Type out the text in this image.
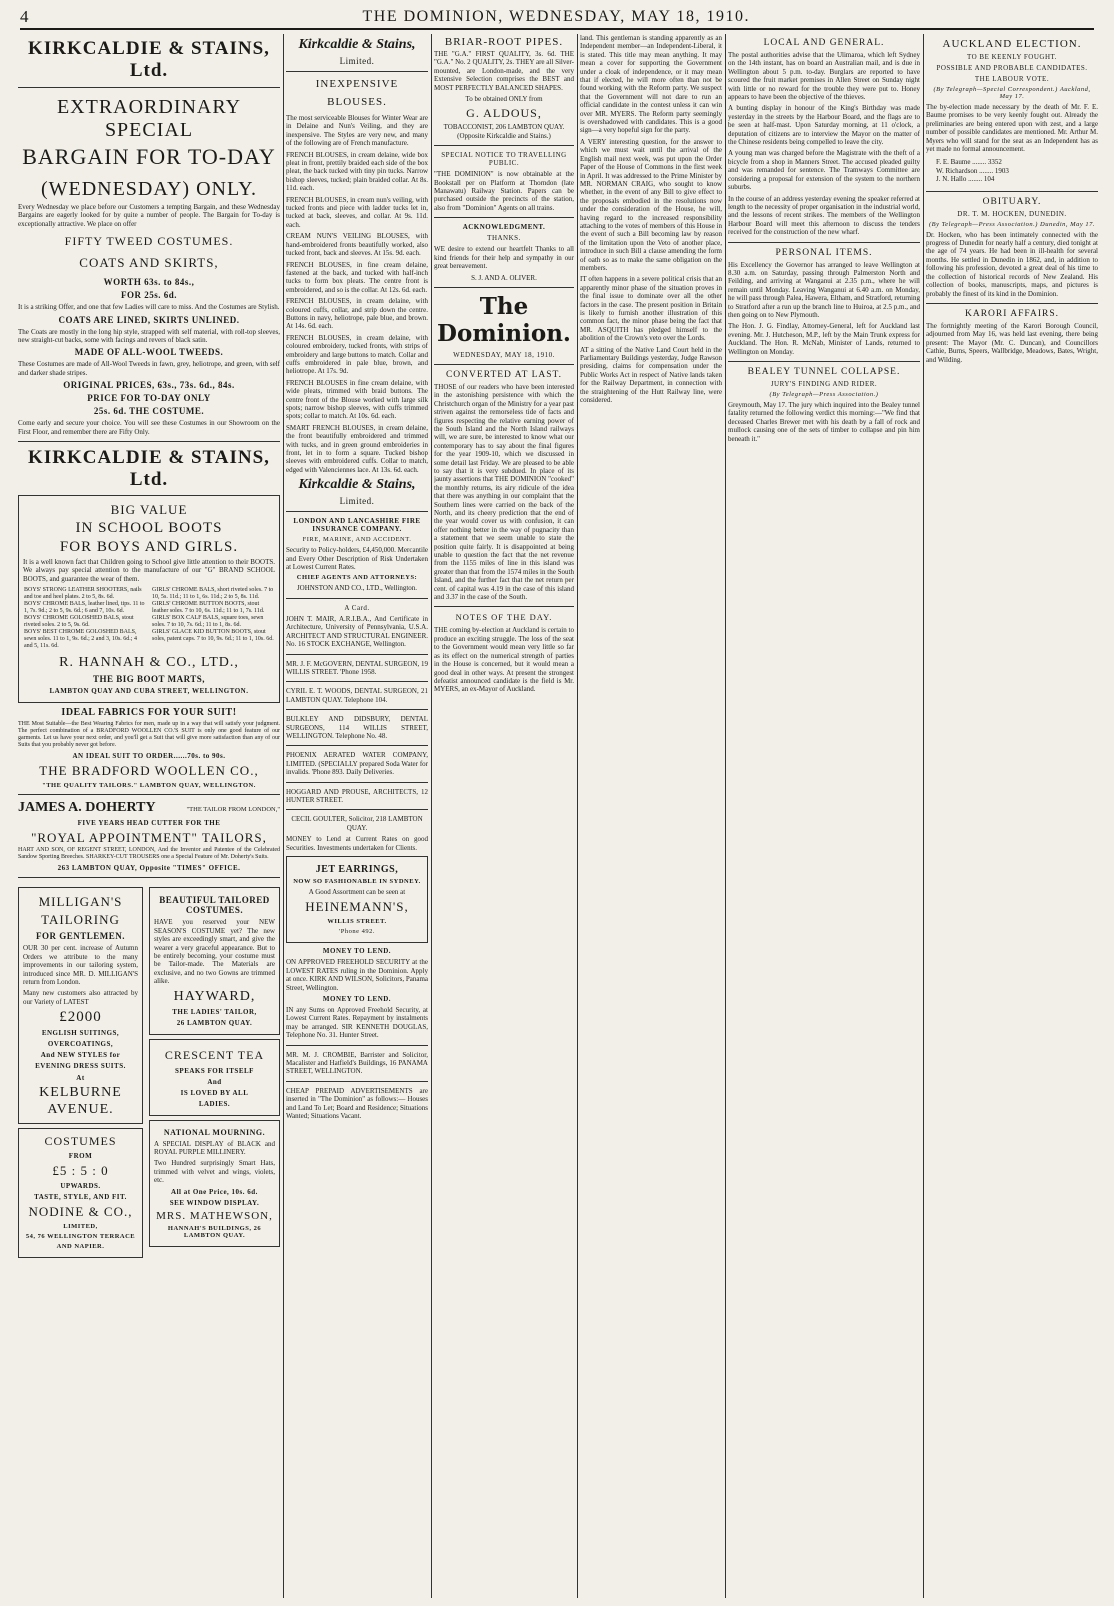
4	THE DOMINION, WEDNESDAY, MAY 18, 1910.
KIRKCALDIE & STAINS, Ltd.
EXTRAORDINARY SPECIAL
BARGAIN FOR TO-DAY
(WEDNESDAY) ONLY.

Every Wednesday we place before our Customers a tempting Bargain, and these Wednesday Bargains are eagerly looked for by quite a number of people. The Bargain for To-day is exceptionally attractive. We place on offer

FIFTY TWEED COSTUMES.
COATS AND SKIRTS,
WORTH 63s. to 84s.,
FOR 25s. 6d.

It is a striking Offer, and one that few Ladies will care to miss. And the Costumes are Stylish.

COATS ARE LINED, SKIRTS UNLINED.

The Coats are mostly in the long hip style, strapped with self material, with roll-top sleeves, new straight-cut backs, some with facings and revers of black satin.

MADE OF ALL-WOOL TWEEDS.

These Costumes are made of All-Wool Tweeds in fawn, grey, heliotrope, and green, with self and darker shade stripes.

ORIGINAL PRICES, 63s., 73s. 6d., 84s.
PRICE FOR TO-DAY ONLY
25s. 6d. THE COSTUME.

Come early and secure your choice. You will see these Costumes in our Showroom on the First Floor, and remember there are Fifty Only.

KIRKCALDIE & STAINS, Ltd.
BIG VALUE
IN SCHOOL BOOTS
FOR BOYS AND GIRLS.

It is a well known fact that Children going to School give little attention to their BOOTS. We always pay special attention to the manufacture of our "G" BRAND SCHOOL BOOTS, and guarantee the wear of them.

BOYS' STRONG LEATHER SHOOTERS, nails and toe and heel plates. 2 to 5, 8s. 6d.
BOYS' CHROME BALS, leather lined, tips. 11 to 1, 7s. 9d.; 2 to 5, 9s. 6d.; 6 and 7, 10s. 6d.
BOYS' CHROME GOLOSHED BALS, stout riveted soles. 2 to 5, 9s. 6d.
BOYS' BEST CHROME GOLOSHED BALS, sewn soles. 11 to 1, 9s. 6d.; 2 and 3, 10s. 6d.; 4 and 5, 11s. 6d.

GIRLS' CHROME BALS, short riveted soles. 7 to 10, 5s. 11d.; 11 to 1, 6s. 11d.; 2 to 5, 8s. 11d.
GIRLS' CHROME BUTTON BOOTS, stout leather soles. 7 to 10, 6s. 11d.; 11 to 1, 7s. 11d.
GIRLS' BOX CALF BALS, square toes, sewn soles. 7 to 10, 7s. 6d.; 11 to 1, 8s. 6d.
GIRLS' GLACE KID BUTTON BOOTS, stout soles, patent caps. 7 to 10, 9s. 6d.; 11 to 1, 10s. 6d.
R. HANNAH & CO., LTD.,
THE BIG BOOT MARTS,
LAMBTON QUAY AND CUBA STREET, WELLINGTON.
IDEAL FABRICS FOR YOUR SUIT!

THE Most Suitable—the Best Wearing Fabrics for men, made up in a way that will satisfy your judgment. The perfect combination of a BRADFORD WOOLLEN CO.'S SUIT is only one good feature of our garments. Let us have your next order, and you'll get a Suit that will give more satisfaction than any of our Suits that you probably never got before.

AN IDEAL SUIT TO ORDER......70s. to 90s.
THE BRADFORD WOOLLEN CO.,
"THE QUALITY TAILORS." LAMBTON QUAY, WELLINGTON.
JAMES A. DOHERTY	"THE TAILOR FROM LONDON,"
FIVE YEARS HEAD CUTTER FOR THE
"ROYAL APPOINTMENT" TAILORS,

HART AND SON, OF REGENT STREET, LONDON, And the Inventor and Patentee of the Celebrated Sandow Sporting Breeches. SHARKEY-CUT TROUSERS one a Special Feature of Mr. Doherty's Suits.

263 LAMBTON QUAY, Opposite "TIMES" OFFICE.
MILLIGAN'S
TAILORING
FOR GENTLEMEN.

OUR 30 per cent. increase of Autumn Orders we attribute to the many improvements in our tailoring system, introduced since MR. D. MILLIGAN'S return from London.

Many new customers also attracted by our Variety of LATEST

£2000
ENGLISH SUITINGS,
OVERCOATINGS,
And NEW STYLES for
EVENING DRESS SUITS.
At
KELBURNE
AVENUE.
COSTUMES
FROM
£5 : 5 : 0
UPWARDS.
TASTE, STYLE, AND FIT.
NODINE & CO.,
LIMITED,
54, 76 WELLINGTON TERRACE
AND NAPIER.
BEAUTIFUL TAILORED COSTUMES.

HAVE you reserved your NEW SEASON'S COSTUME yet? The new styles are exceedingly smart, and give the wearer a very graceful appearance. But to be entirely becoming, your costume must be Tailor-made. The Materials are exclusive, and no two Gowns are trimmed alike.

HAYWARD,
THE LADIES' TAILOR,
26 LAMBTON QUAY.
CRESCENT TEA
SPEAKS FOR ITSELF
And
IS LOVED BY ALL
LADIES.
NATIONAL MOURNING.

A SPECIAL DISPLAY of BLACK and ROYAL PURPLE MILLINERY.

Two Hundred surprisingly Smart Hats, trimmed with velvet and wings, violets, etc.

All at One Price, 10s. 6d.
SEE WINDOW DISPLAY.
MRS. MATHEWSON,
HANNAH'S BUILDINGS, 26 LAMBTON QUAY.
Kirkcaldie & Stains,
Limited.
INEXPENSIVE
BLOUSES.

The most serviceable Blouses for Winter Wear are in Delaine and Nun's Veiling, and they are inexpensive. The Styles are very new, and many of the following are of French manufacture.

FRENCH BLOUSES, in cream delaine, wide box pleat in front, prettily braided each side of the box pleat, the back tucked with tiny pin tucks. Narrow bishop sleeves, tucked; plain braided collar. At 8s. 11d. each.

FRENCH BLOUSES, in cream nun's veiling, with tucked fronts and piece with ladder tucks let in, tucked at back, sleeves, and collar. At 9s. 11d. each.

CREAM NUN'S VEILING BLOUSES, with hand-embroidered fronts beautifully worked, also tucked front, back and sleeves. At 15s. 9d. each.

FRENCH BLOUSES, in fine cream delaine, fastened at the back, and tucked with half-inch tucks to form box pleats. The centre front is embroidered, and so is the collar. At 12s. 6d. each.

FRENCH BLOUSES, in cream delaine, with coloured cuffs, collar, and strip down the centre. Buttons in navy, heliotrope, pale blue, and brown. At 14s. 6d. each.

FRENCH BLOUSES, in cream delaine, with coloured embroidery, tucked fronts, with strips of embroidery and large buttons to match. Collar and cuffs embroidered in pale blue, brown, and heliotrope. At 17s. 9d.

FRENCH BLOUSES in fine cream delaine, with wide pleats, trimmed with braid buttons. The centre front of the Blouse worked with large silk spots; narrow bishop sleeves, with cuffs trimmed spots; collar to match. At 10s. 6d. each.

SMART FRENCH BLOUSES, in cream delaine, the front beautifully embroidered and trimmed with tucks, and in green ground embroideries in front, let in to form a square. Tucked bishop sleeves with embroidered cuffs. Collar to match, edged with Valenciennes lace. At 13s. 6d. each.

Kirkcaldie & Stains,
Limited.
LONDON AND LANCASHIRE FIRE INSURANCE COMPANY.
FIRE, MARINE, AND ACCIDENT.

Security to Policy-holders, £4,450,000. Mercantile and Every Other Description of Risk Undertaken at Lowest Current Rates.

CHIEF AGENTS AND ATTORNEYS:

JOHNSTON AND CO., LTD., Wellington.

A Card.

JOHN T. MAIR, A.R.I.B.A., And Certificate in Architecture, University of Pennsylvania, U.S.A. ARCHITECT AND STRUCTURAL ENGINEER. No. 16 STOCK EXCHANGE, Wellington.

MR. J. F. McGOVERN, DENTAL SURGEON, 19 WILLIS STREET. 'Phone 1958.

CYRIL E. T. WOODS, DENTAL SURGEON, 21 LAMBTON QUAY. Telephone 104.

BULKLEY AND DIDSBURY, DENTAL SURGEONS, 114 WILLIS STREET, WELLINGTON. Telephone No. 48.

PHOENIX AERATED WATER COMPANY, LIMITED. (SPECIALLY prepared Soda Water for invalids. 'Phone 893. Daily Deliveries.

HOGGARD AND PROUSE, ARCHITECTS, 12 HUNTER STREET.

CECIL GOULTER, Solicitor, 218 LAMBTON QUAY.

MONEY to Lend at Current Rates on good Securities. Investments undertaken for Clients.

JET EARRINGS,
NOW SO FASHIONABLE IN SYDNEY.

A Good Assortment can be seen at

HEINEMANN'S,
WILLIS STREET.
'Phone 492.
MONEY TO LEND.

ON APPROVED FREEHOLD SECURITY at the LOWEST RATES ruling in the Dominion. Apply at once. KIRK AND WILSON, Solicitors, Panama Street, Wellington.

MONEY TO LEND.

IN any Sums on Approved Freehold Security, at Lowest Current Rates. Repayment by instalments may be arranged. SIR KENNETH DOUGLAS, Telephone No. 31. Hunter Street.

MR. M. J. CROMBIE, Barrister and Solicitor, Macalister and Hatfield's Buildings, 16 PANAMA STREET, WELLINGTON.

CHEAP PREPAID ADVERTISEMENTS are inserted in "The Dominion" as follows:— Houses and Land To Let; Board and Residence; Situations Wanted; Situations Vacant.

BRIAR-ROOT PIPES.

THE "G.A." FIRST QUALITY, 3s. 6d. THE "G.A." No. 2 QUALITY, 2s. THEY are all Silver-mounted, are London-made, and the very Extensive Selection comprises the BEST and MOST PERFECTLY BALANCED SHAPES.

To be obtained ONLY from

G. ALDOUS,

TOBACCONIST, 206 LAMBTON QUAY. (Opposite Kirkcaldie and Stains.)

SPECIAL NOTICE TO TRAVELLING PUBLIC.

"THE DOMINION" is now obtainable at the Bookstall per on Platform at Thorndon (late Manawatu) Railway Station. Papers can be purchased outside the precincts of the station, also from "Dominion" Agents on all trains.

ACKNOWLEDGMENT.
THANKS.

WE desire to extend our heartfelt Thanks to all kind friends for their help and sympathy in our great bereavement.

S. J. AND A. OLIVER.

The Dominion.
WEDNESDAY, MAY 18, 1910.
CONVERTED AT LAST.

THOSE of our readers who have been interested in the astonishing persistence with which the Christchurch organ of the Ministry for a year past striven against the remorseless tide of facts and figures respecting the relative earning power of the South Island and the North Island railways will, we are sure, be interested to know what our contemporary has to say about the final figures for the year 1909-10, which we discussed in some detail last Friday. We are pleased to be able to say that it is very subdued. In place of its jaunty assertions that THE DOMINION "cooked" the monthly returns, its airy ridicule of the idea that there was anything in our complaint that the Southern lines were carried on the back of the North, and its cheery prediction that the end of the year would cover us with confusion, it can offer nothing better in the way of pugnacity than a statement that we seem unable to state the position quite fairly. It is disappointed at being unable to question the fact that the net revenue from the 1155 miles of line in this island was greater than that from the 1574 miles in the South Island, and the further fact that the net return per cent. of capital was 4.19 in the case of this island and 3.37 in the case of the South.

NOTES OF THE DAY.

THE coming by-election at Auckland is certain to produce an exciting struggle. The loss of the seat to the Government would mean very little so far as its effect on the numerical strength of parties in the House is concerned, but it would mean a good deal in other ways. At present the strongest defeatist announced candidate is the field is Mr. MYERS, an ex-Mayor of Auckland.

land. This gentleman is standing apparently as an Independent member—an Independent-Liberal, it is stated. This title may mean anything. It may mean a cover for supporting the Government under a cloak of independence, or it may mean that if elected, he will more often than not be found working with the Reform party. We suspect that the Government will not dare to run an official candidate in the contest unless it can win over MR. MYERS. The Reform party seemingly is overshadowed with candidates. This is a good sign—a very hopeful sign for the party.

A VERY interesting question, for the answer to which we must wait until the arrival of the English mail next week, was put upon the Order Paper of the House of Commons in the first week in April. It was addressed to the Prime Minister by MR. NORMAN CRAIG, who sought to know whether, in the event of any Bill to give effect to the proposals embodied in the resolutions now under the consideration of the House, he will, having regard to the increased responsibility attaching to the votes of members of this House in the event of such a Bill becoming law by reason of the limitation upon the Veto of another place, introduce in such Bill a clause amending the form of oath so as to make the same obligation on the members.

IT often happens in a severe political crisis that an apparently minor phase of the situation proves in the final issue to dominate over all the other factors in the case. The present position in Britain is likely to furnish another illustration of this common fact, the minor phase being the fact that MR. ASQUITH has pledged himself to the abolition of the Crown's veto over the Lords.

AT a sitting of the Native Land Court held in the Parliamentary Buildings yesterday, Judge Rawson presiding, claims for compensation under the Public Works Act in respect of Native lands taken for the Railway Department, in connection with the straightening of the Hutt Railway line, were considered.

LOCAL AND GENERAL.

The postal authorities advise that the Ulimaroa, which left Sydney on the 14th instant, has on board an Australian mail, and is due in Wellington about 5 p.m. to-day. Burglars are reported to have scoured the fruit market premises in Allen Street on Sunday night with little or no reward for the trouble they were put to. Honey appears to have been the objective of the thieves.

A bunting display in honour of the King's Birthday was made yesterday in the streets by the Harbour Board, and the flags are to be seen at half-mast. Upon Saturday morning, at 11 o'clock, a deputation of citizens are to interview the Mayor on the matter of the Chinese residents being compelled to leave the city.

A young man was charged before the Magistrate with the theft of a bicycle from a shop in Manners Street. The accused pleaded guilty and was remanded for sentence. The Tramways Committee are considering a proposal for extension of the system to the northern suburbs.

In the course of an address yesterday evening the speaker referred at length to the necessity of proper organisation in the industrial world, and the lessons of recent strikes. The members of the Wellington Harbour Board will meet this afternoon to discuss the tenders received for the construction of the new wharf.

PERSONAL ITEMS.

His Excellency the Governor has arranged to leave Wellington at 8.30 a.m. on Saturday, passing through Palmerston North and Feilding, and arriving at Wanganui at 2.35 p.m., where he will remain until Monday. Leaving Wanganui at 6.40 a.m. on Monday, he will pass through Palea, Hawera, Eltham, and Stratford, returning to Stratford after a run up the branch line to Huiroa, at 2.5 p.m., and then going on to New Plymouth.

The Hon. J. G. Findlay, Attorney-General, left for Auckland last evening. Mr. J. Hutcheson, M.P., left by the Main Trunk express for Auckland. The Hon. R. McNab, Minister of Lands, returned to Wellington on Monday.

BEALEY TUNNEL COLLAPSE.
JURY'S FINDING AND RIDER.
(By Telegraph—Press Association.)

Greymouth, May 17. The jury which inquired into the Bealey tunnel fatality returned the following verdict this morning:—"We find that deceased Charles Brewer met with his death by a fall of rock and mullock causing one of the sets of timber to collapse and pin him beneath it."

AUCKLAND ELECTION.
TO BE KEENLY FOUGHT.
POSSIBLE AND PROBABLE CANDIDATES.
THE LABOUR VOTE.
(By Telegraph—Special Correspondent.) Auckland, May 17.

The by-election made necessary by the death of Mr. F. E. Baume promises to be very keenly fought out. Already the preliminaries are being entered upon with zest, and a large number of possible candidates are mentioned. Mr. Arthur M. Myers who will stand for the seat as an Independent has as yet made no formal announcement.

F. E. Baume ........ 3352
W. Richardson ........ 1903
J. N. Hallo ........ 104
OBITUARY.
DR. T. M. HOCKEN, DUNEDIN.
(By Telegraph—Press Association.) Dunedin, May 17.

Dr. Hocken, who has been intimately connected with the progress of Dunedin for nearly half a century, died tonight at the age of 74 years. He had been in ill-health for several months. He settled in Dunedin in 1862, and, in addition to following his profession, devoted a great deal of his time to the collection of historical records of New Zealand. His collection of books, manuscripts, maps, and pictures is probably the finest of its kind in the Dominion.

KARORI AFFAIRS.

The fortnightly meeting of the Karori Borough Council, adjourned from May 16, was held last evening, there being present: The Mayor (Mr. C. Duncan), and Councillors Cathie, Burns, Speers, Wallbridge, Meadows, Bates, Wright, and Wilding.
